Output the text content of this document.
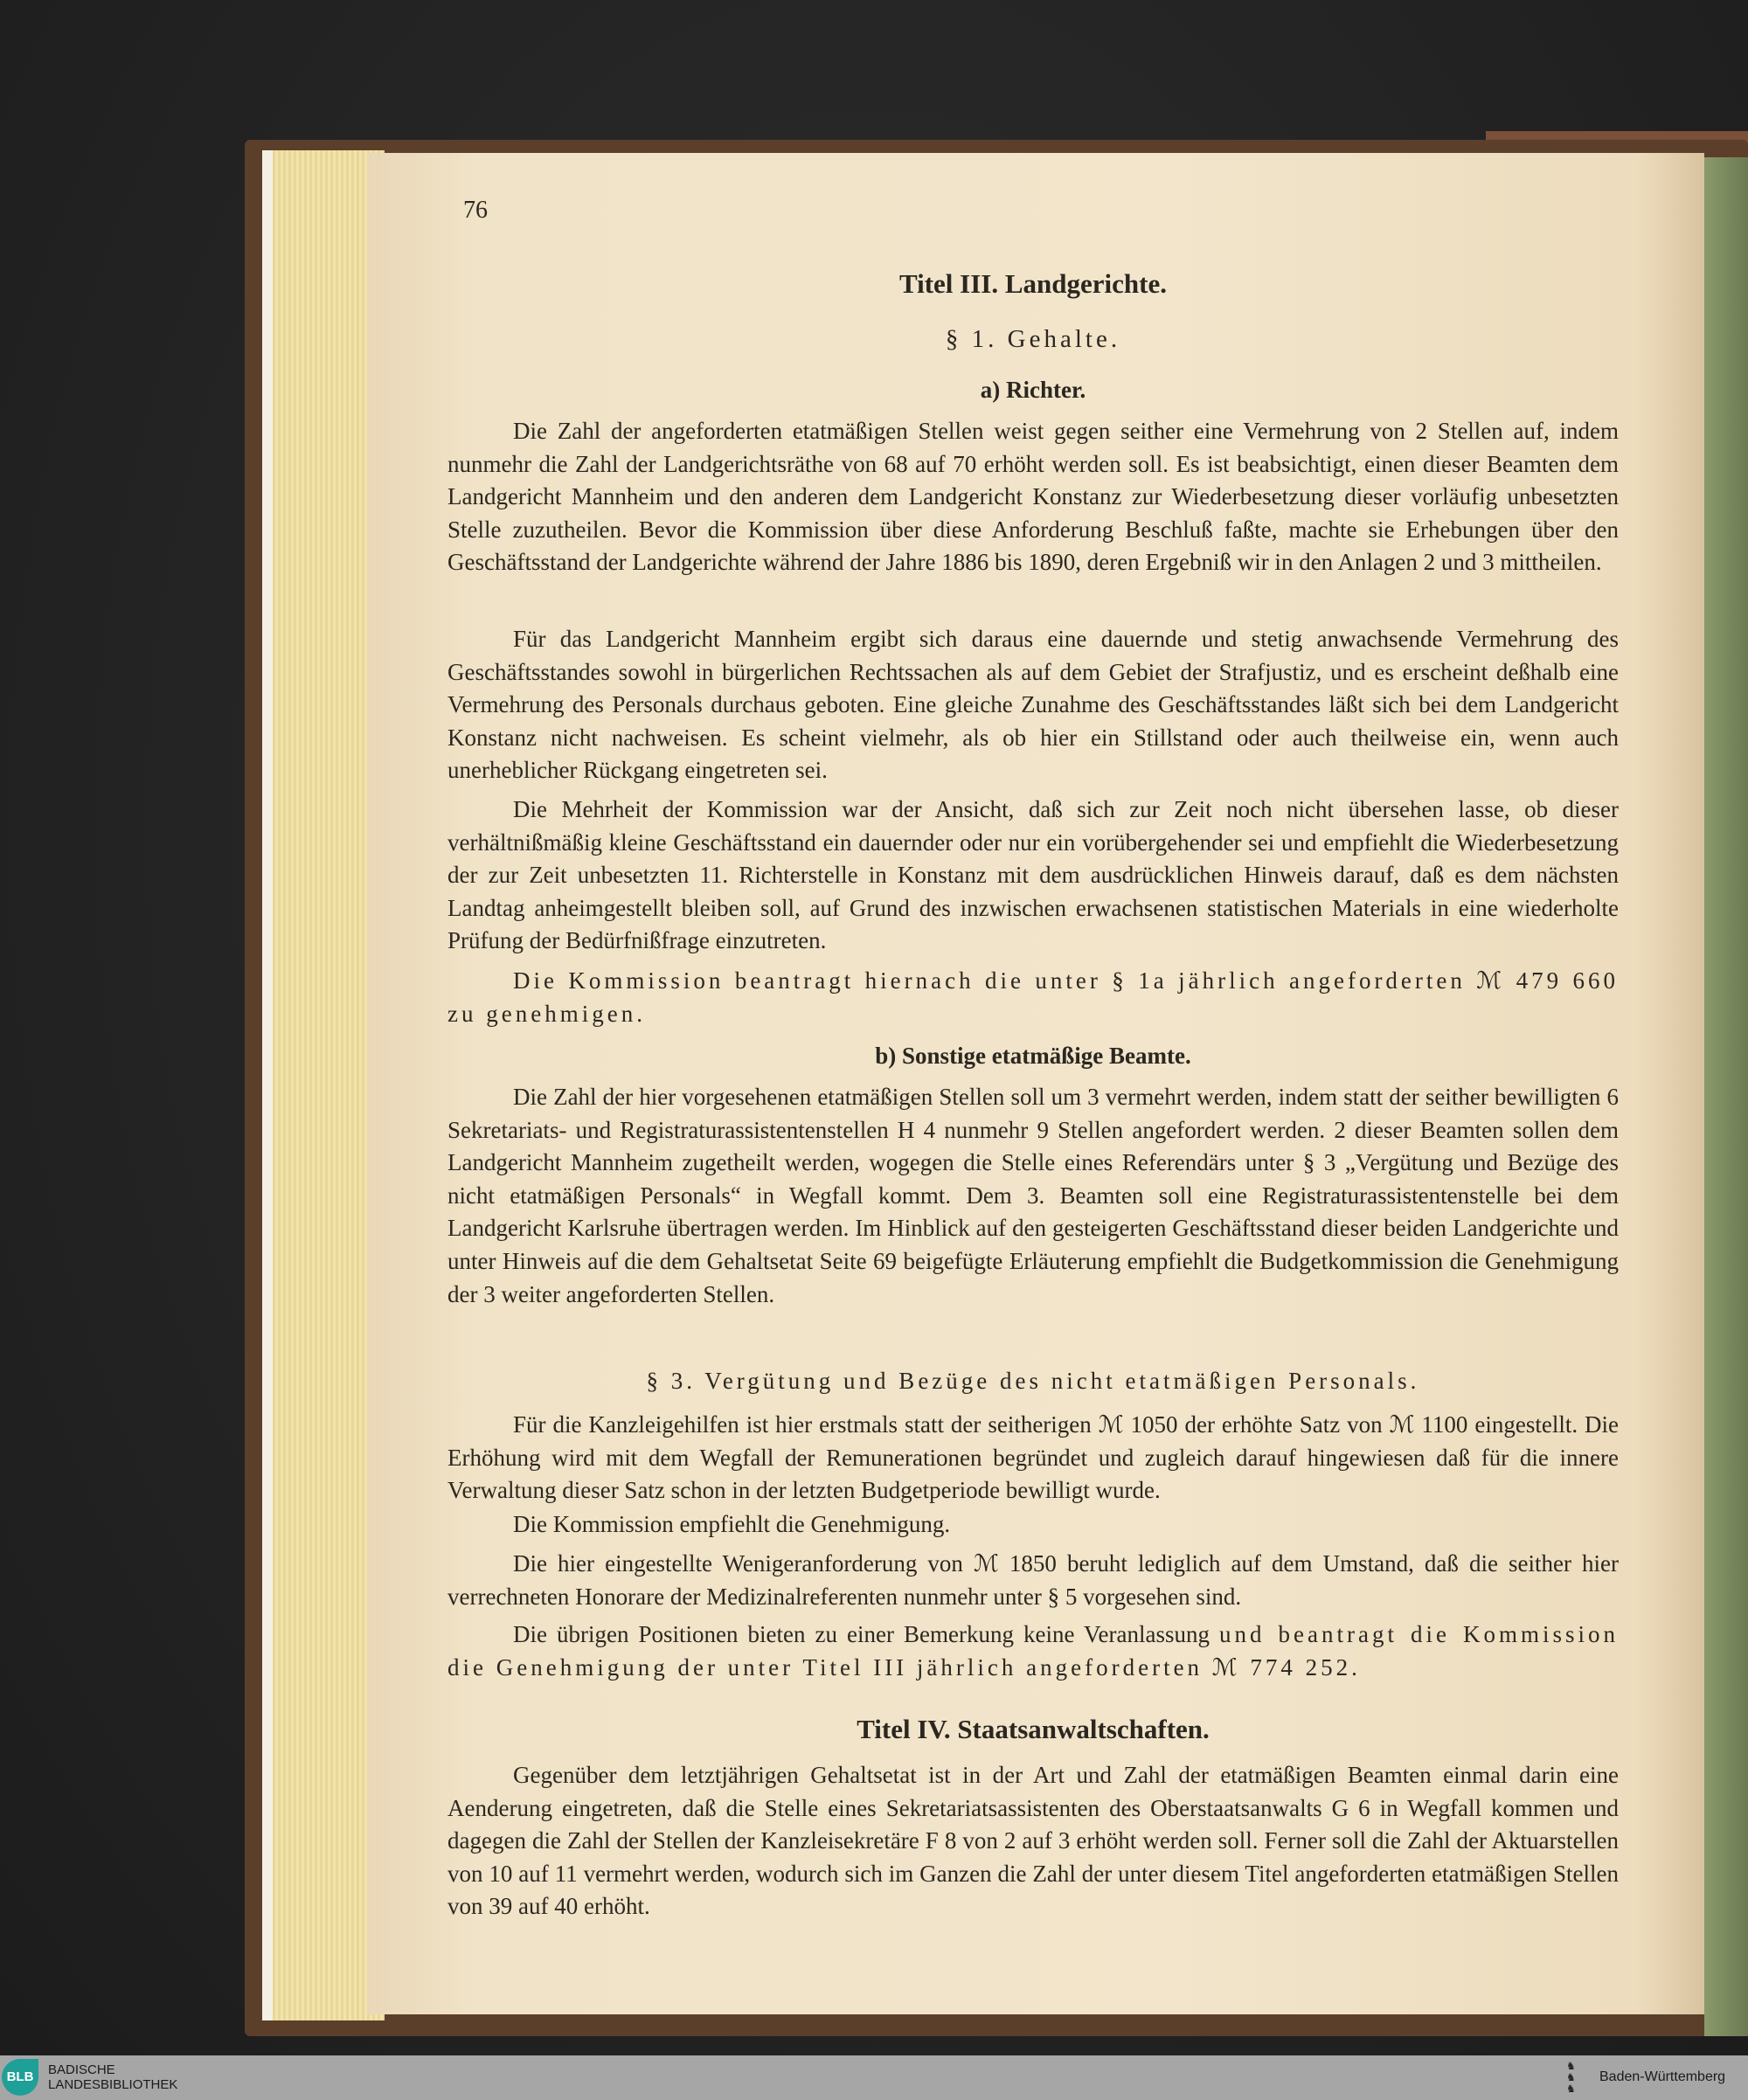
76
Titel III. Landgerichte.
§ 1. Gehalte.
a) Richter.
Die Zahl der angeforderten etatmäßigen Stellen weist gegen seither eine Vermehrung von 2 Stellen auf, indem nunmehr die Zahl der Landgerichtsräthe von 68 auf 70 erhöht werden soll. Es ist beabsichtigt, einen dieser Beamten dem Landgericht Mannheim und den anderen dem Landgericht Konstanz zur Wiederbesetzung dieser vorläufig unbesetzten Stelle zuzutheilen. Bevor die Kommission über diese Anforderung Beschluß faßte, machte sie Erhebungen über den Geschäftsstand der Landgerichte während der Jahre 1886 bis 1890, deren Ergebniß wir in den Anlagen 2 und 3 mittheilen.
Für das Landgericht Mannheim ergibt sich daraus eine dauernde und stetig anwachsende Vermehrung des Geschäftsstandes sowohl in bürgerlichen Rechtssachen als auf dem Gebiet der Strafjustiz, und es erscheint deßhalb eine Vermehrung des Personals durchaus geboten. Eine gleiche Zunahme des Geschäftsstandes läßt sich bei dem Landgericht Konstanz nicht nachweisen. Es scheint vielmehr, als ob hier ein Stillstand oder auch theilweise ein, wenn auch unerheblicher Rückgang eingetreten sei.
Die Mehrheit der Kommission war der Ansicht, daß sich zur Zeit noch nicht übersehen lasse, ob dieser verhältnißmäßig kleine Geschäftsstand ein dauernder oder nur ein vorübergehender sei und empfiehlt die Wiederbesetzung der zur Zeit unbesetzten 11. Richterstelle in Konstanz mit dem ausdrücklichen Hinweis darauf, daß es dem nächsten Landtag anheimgestellt bleiben soll, auf Grund des inzwischen erwachsenen statistischen Materials in eine wiederholte Prüfung der Bedürfnißfrage einzutreten.
Die Kommission beantragt hiernach die unter § 1a jährlich angeforderten ℳ 479 660 zu genehmigen.
b) Sonstige etatmäßige Beamte.
Die Zahl der hier vorgesehenen etatmäßigen Stellen soll um 3 vermehrt werden, indem statt der seither bewilligten 6 Sekretariats- und Registraturassistentenstellen H 4 nunmehr 9 Stellen angefordert werden. 2 dieser Beamten sollen dem Landgericht Mannheim zugetheilt werden, wogegen die Stelle eines Referendärs unter § 3 „Vergütung und Bezüge des nicht etatmäßigen Personals“ in Wegfall kommt. Dem 3. Beamten soll eine Registraturassistentenstelle bei dem Landgericht Karlsruhe übertragen werden. Im Hinblick auf den gesteigerten Geschäftsstand dieser beiden Landgerichte und unter Hinweis auf die dem Gehaltsetat Seite 69 beigefügte Erläuterung empfiehlt die Budgetkommission die Genehmigung der 3 weiter angeforderten Stellen.
§ 3. Vergütung und Bezüge des nicht etatmäßigen Personals.
Für die Kanzleigehilfen ist hier erstmals statt der seitherigen ℳ 1050 der erhöhte Satz von ℳ 1100 eingestellt. Die Erhöhung wird mit dem Wegfall der Remunerationen begründet und zugleich darauf hingewiesen daß für die innere Verwaltung dieser Satz schon in der letzten Budgetperiode bewilligt wurde.
Die Kommission empfiehlt die Genehmigung.
Die hier eingestellte Wenigeranforderung von ℳ 1850 beruht lediglich auf dem Umstand, daß die seither hier verrechneten Honorare der Medizinalreferenten nunmehr unter § 5 vorgesehen sind.
Die übrigen Positionen bieten zu einer Bemerkung keine Veranlassung und beantragt die Kommission die Genehmigung der unter Titel III jährlich angeforderten ℳ 774 252.
Titel IV. Staatsanwaltschaften.
Gegenüber dem letztjährigen Gehaltsetat ist in der Art und Zahl der etatmäßigen Beamten einmal darin eine Aenderung eingetreten, daß die Stelle eines Sekretariatsassistenten des Oberstaatsanwalts G 6 in Wegfall kommen und dagegen die Zahl der Stellen der Kanzleisekretäre F 8 von 2 auf 3 erhöht werden soll. Ferner soll die Zahl der Aktuarstellen von 10 auf 11 vermehrt werden, wodurch sich im Ganzen die Zahl der unter diesem Titel angeforderten etatmäßigen Stellen von 39 auf 40 erhöht.
BLB	BADISCHE
LANDESBIBLIOTHEK
♞
♞
♞
Baden-Württemberg
